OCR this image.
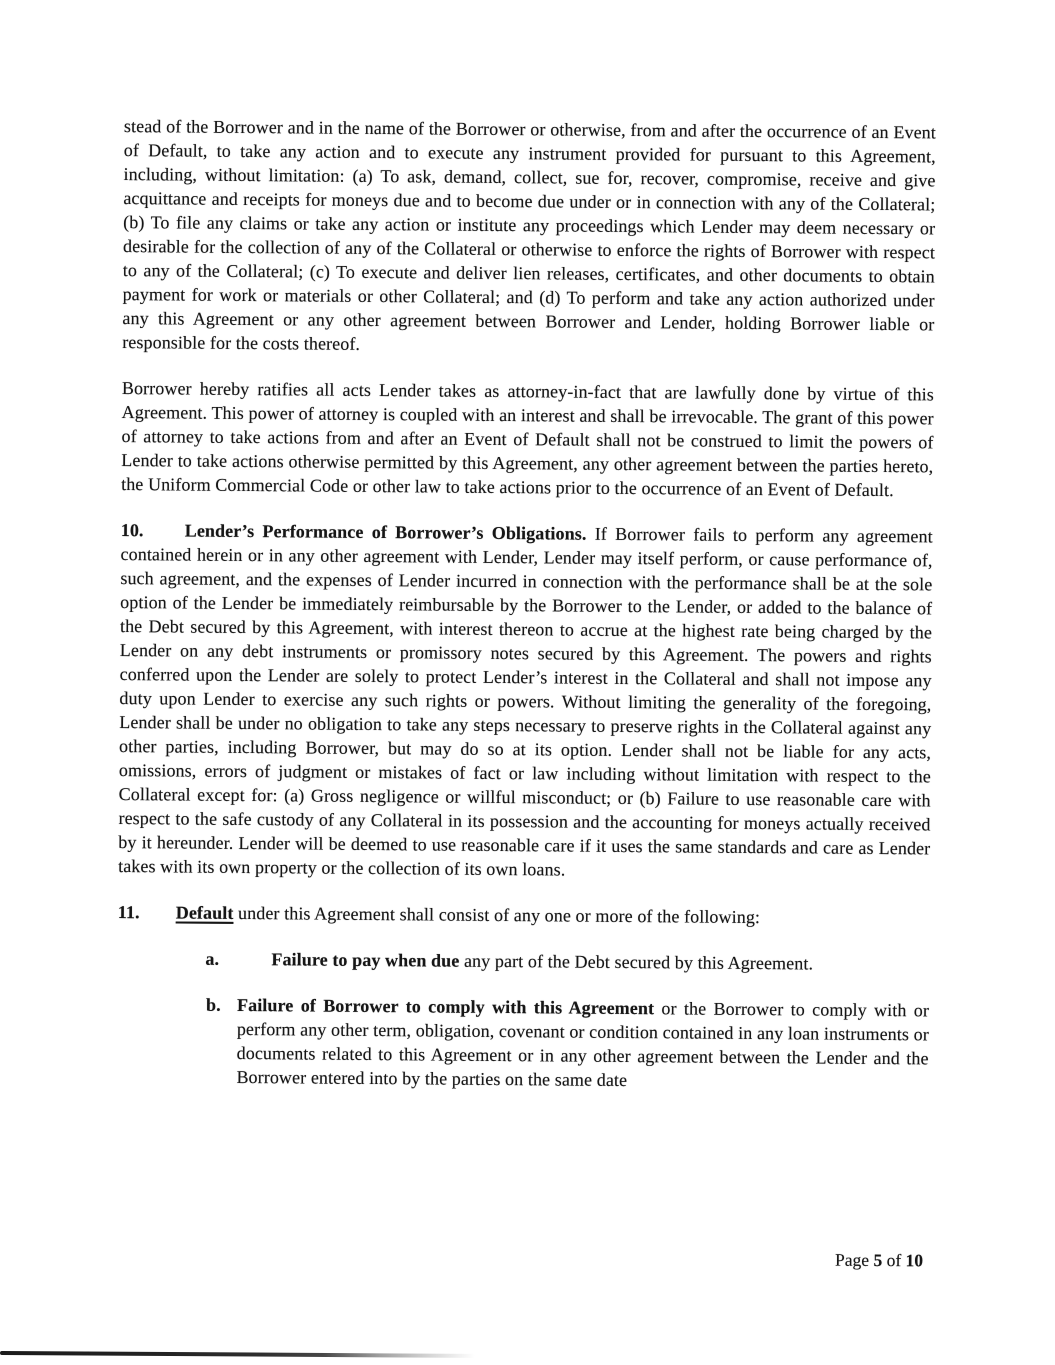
stead of the Borrower and in the name of the Borrower or otherwise, from and after the occurrence of an Event of Default, to take any action and to execute any instrument provided for pursuant to this Agreement, including, without limitation: (a) To ask, demand, collect, sue for, recover, compromise, receive and give acquittance and receipts for moneys due and to become due under or in connection with any of the Collateral; (b) To file any claims or take any action or institute any proceedings which Lender may deem necessary or desirable for the collection of any of the Collateral or otherwise to enforce the rights of Borrower with respect to any of the Collateral; (c) To execute and deliver lien releases, certificates, and other documents to obtain payment for work or materials or other Collateral; and (d) To perform and take any action authorized under any this Agreement or any other agreement between Borrower and Lender, holding Borrower liable or responsible for the costs thereof.

Borrower hereby ratifies all acts Lender takes as attorney-in-fact that are lawfully done by virtue of this Agreement. This power of attorney is coupled with an interest and shall be irrevocable. The grant of this power of attorney to take actions from and after an Event of Default shall not be construed to limit the powers of Lender to take actions otherwise permitted by this Agreement, any other agreement between the parties hereto, the Uniform Commercial Code or other law to take actions prior to the occurrence of an Event of Default.

10. Lender’s Performance of Borrower’s Obligations. If Borrower fails to perform any agreement contained herein or in any other agreement with Lender, Lender may itself perform, or cause performance of, such agreement, and the expenses of Lender incurred in connection with the performance shall be at the sole option of the Lender be immediately reimbursable by the Borrower to the Lender, or added to the balance of the Debt secured by this Agreement, with interest thereon to accrue at the highest rate being charged by the Lender on any debt instruments or promissory notes secured by this Agreement. The powers and rights conferred upon the Lender are solely to protect Lender’s interest in the Collateral and shall not impose any duty upon Lender to exercise any such rights or powers. Without limiting the generality of the foregoing, Lender shall be under no obligation to take any steps necessary to preserve rights in the Collateral against any other parties, including Borrower, but may do so at its option. Lender shall not be liable for any acts, omissions, errors of judgment or mistakes of fact or law including without limitation with respect to the Collateral except for: (a) Gross negligence or willful misconduct; or (b) Failure to use reasonable care with respect to the safe custody of any Collateral in its possession and the accounting for moneys actually received by it hereunder. Lender will be deemed to use reasonable care if it uses the same standards and care as Lender takes with its own property or the collection of its own loans.

11. Default under this Agreement shall consist of any one or more of the following:

a.	Failure to pay when due any part of the Debt secured by this Agreement.
b. Failure of Borrower to comply with this Agreement or the Borrower to comply with or perform any other term, obligation, covenant or condition contained in any loan instruments or documents related to this Agreement or in any other agreement between the Lender and the Borrower entered into by the parties on the same date
Page 5 of 10
